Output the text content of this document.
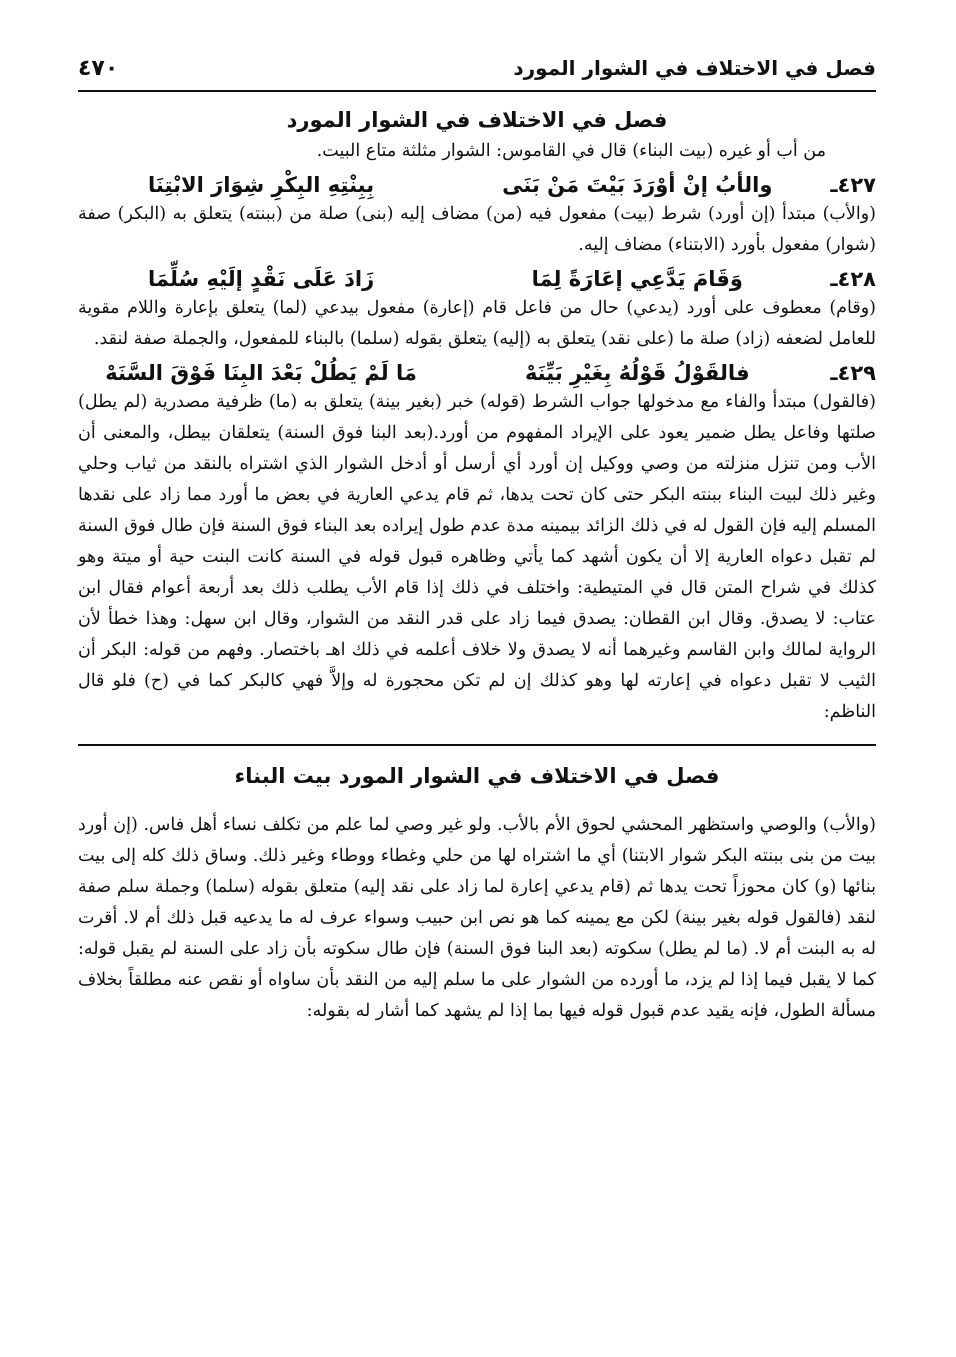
فصل في الاختلاف في الشوار المورد
٤٧٠
فصل في الاختلاف في الشوار المورد

من أب أو غيره (بيت البناء) قال في القاموس: الشوار مثلثة متاع البيت.

٤٢٧ـ
والأبُ إنْ أوْرَدَ بَيْتَ مَنْ بَنَى
بِبِنْتِهِ البِكْرِ شِوَارَ الابْتِنَا

(والأب) مبتدأ (إن أورد) شرط (بيت) مفعول فيه (من) مضاف إليه (بنى) صلة من (ببنته) يتعلق به (البكر) صفة (شوار) مفعول بأورد (الابتناء) مضاف إليه.

٤٢٨ـ
وَقَامَ يَدَّعِي إعَارَةً لِمَا
زَادَ عَلَى نَقْدٍ إلَيْهِ سُلِّمَا

(وقام) معطوف على أورد (يدعي) حال من فاعل قام (إعارة) مفعول بيدعي (لما) يتعلق بإعارة واللام مقوية للعامل لضعفه (زاد) صلة ما (على نقد) يتعلق به (إليه) يتعلق بقوله (سلما) بالبناء للمفعول، والجملة صفة لنقد.

٤٢٩ـ
فالقَوْلُ قَوْلُهُ بِغَيْرِ بَيِّنَهْ
مَا لَمْ يَطُلْ بَعْدَ البِنَا فَوْقَ السَّنَهْ

(فالقول) مبتدأ والفاء مع مدخولها جواب الشرط (قوله) خبر (بغير بينة) يتعلق به (ما) ظرفية مصدرية (لم يطل) صلتها وفاعل يطل ضمير يعود على الإيراد المفهوم من أورد.(بعد البنا فوق السنة) يتعلقان بيطل، والمعنى أن الأب ومن تنزل منزلته من وصي ووكيل إن أورد أي أرسل أو أدخل الشوار الذي اشتراه بالنقد من ثياب وحلي وغير ذلك لبيت البناء ببنته البكر حتى كان تحت يدها، ثم قام يدعي العارية في بعض ما أورد مما زاد على نقدها المسلم إليه فإن القول له في ذلك الزائد بيمينه مدة عدم طول إيراده بعد البناء فوق السنة فإن طال فوق السنة لم تقبل دعواه العارية إلا أن يكون أشهد كما يأتي وظاهره قبول قوله في السنة كانت البنت حية أو ميتة وهو كذلك في شراح المتن قال في المتيطية: واختلف في ذلك إذا قام الأب يطلب ذلك بعد أربعة أعوام فقال ابن عتاب: لا يصدق. وقال ابن القطان: يصدق فيما زاد على قدر النقد من الشوار، وقال ابن سهل: وهذا خطأ لأن الرواية لمالك وابن القاسم وغيرهما أنه لا يصدق ولا خلاف أعلمه في ذلك اهـ باختصار. وفهم من قوله: البكر أن الثيب لا تقبل دعواه في إعارته لها وهو كذلك إن لم تكن محجورة له وإلاَّ فهي كالبكر كما في (ح) فلو قال الناظم:

فصل في الاختلاف في الشوار المورد بيت البناء

(والأب) والوصي واستظهر المحشي لحوق الأم بالأب. ولو غير وصي لما علم من تكلف نساء أهل فاس. (إن أورد بيت من بنى ببنته البكر شوار الابتنا) أي ما اشتراه لها من حلي وغطاء ووطاء وغير ذلك. وساق ذلك كله إلى بيت بنائها (و) كان محوزاً تحت يدها ثم (قام يدعي إعارة لما زاد على نقد إليه) متعلق بقوله (سلما) وجملة سلم صفة لنقد (فالقول قوله بغير بينة) لكن مع يمينه كما هو نص ابن حبيب وسواء عرف له ما يدعيه قبل ذلك أم لا. أقرت له به البنت أم لا. (ما لم يطل) سكوته (بعد البنا فوق السنة) فإن طال سكوته بأن زاد على السنة لم يقبل قوله: كما لا يقبل فيما إذا لم يزد، ما أورده من الشوار على ما سلم إليه من النقد بأن ساواه أو نقص عنه مطلقاً بخلاف مسألة الطول، فإنه يقيد عدم قبول قوله فيها بما إذا لم يشهد كما أشار له بقوله:
